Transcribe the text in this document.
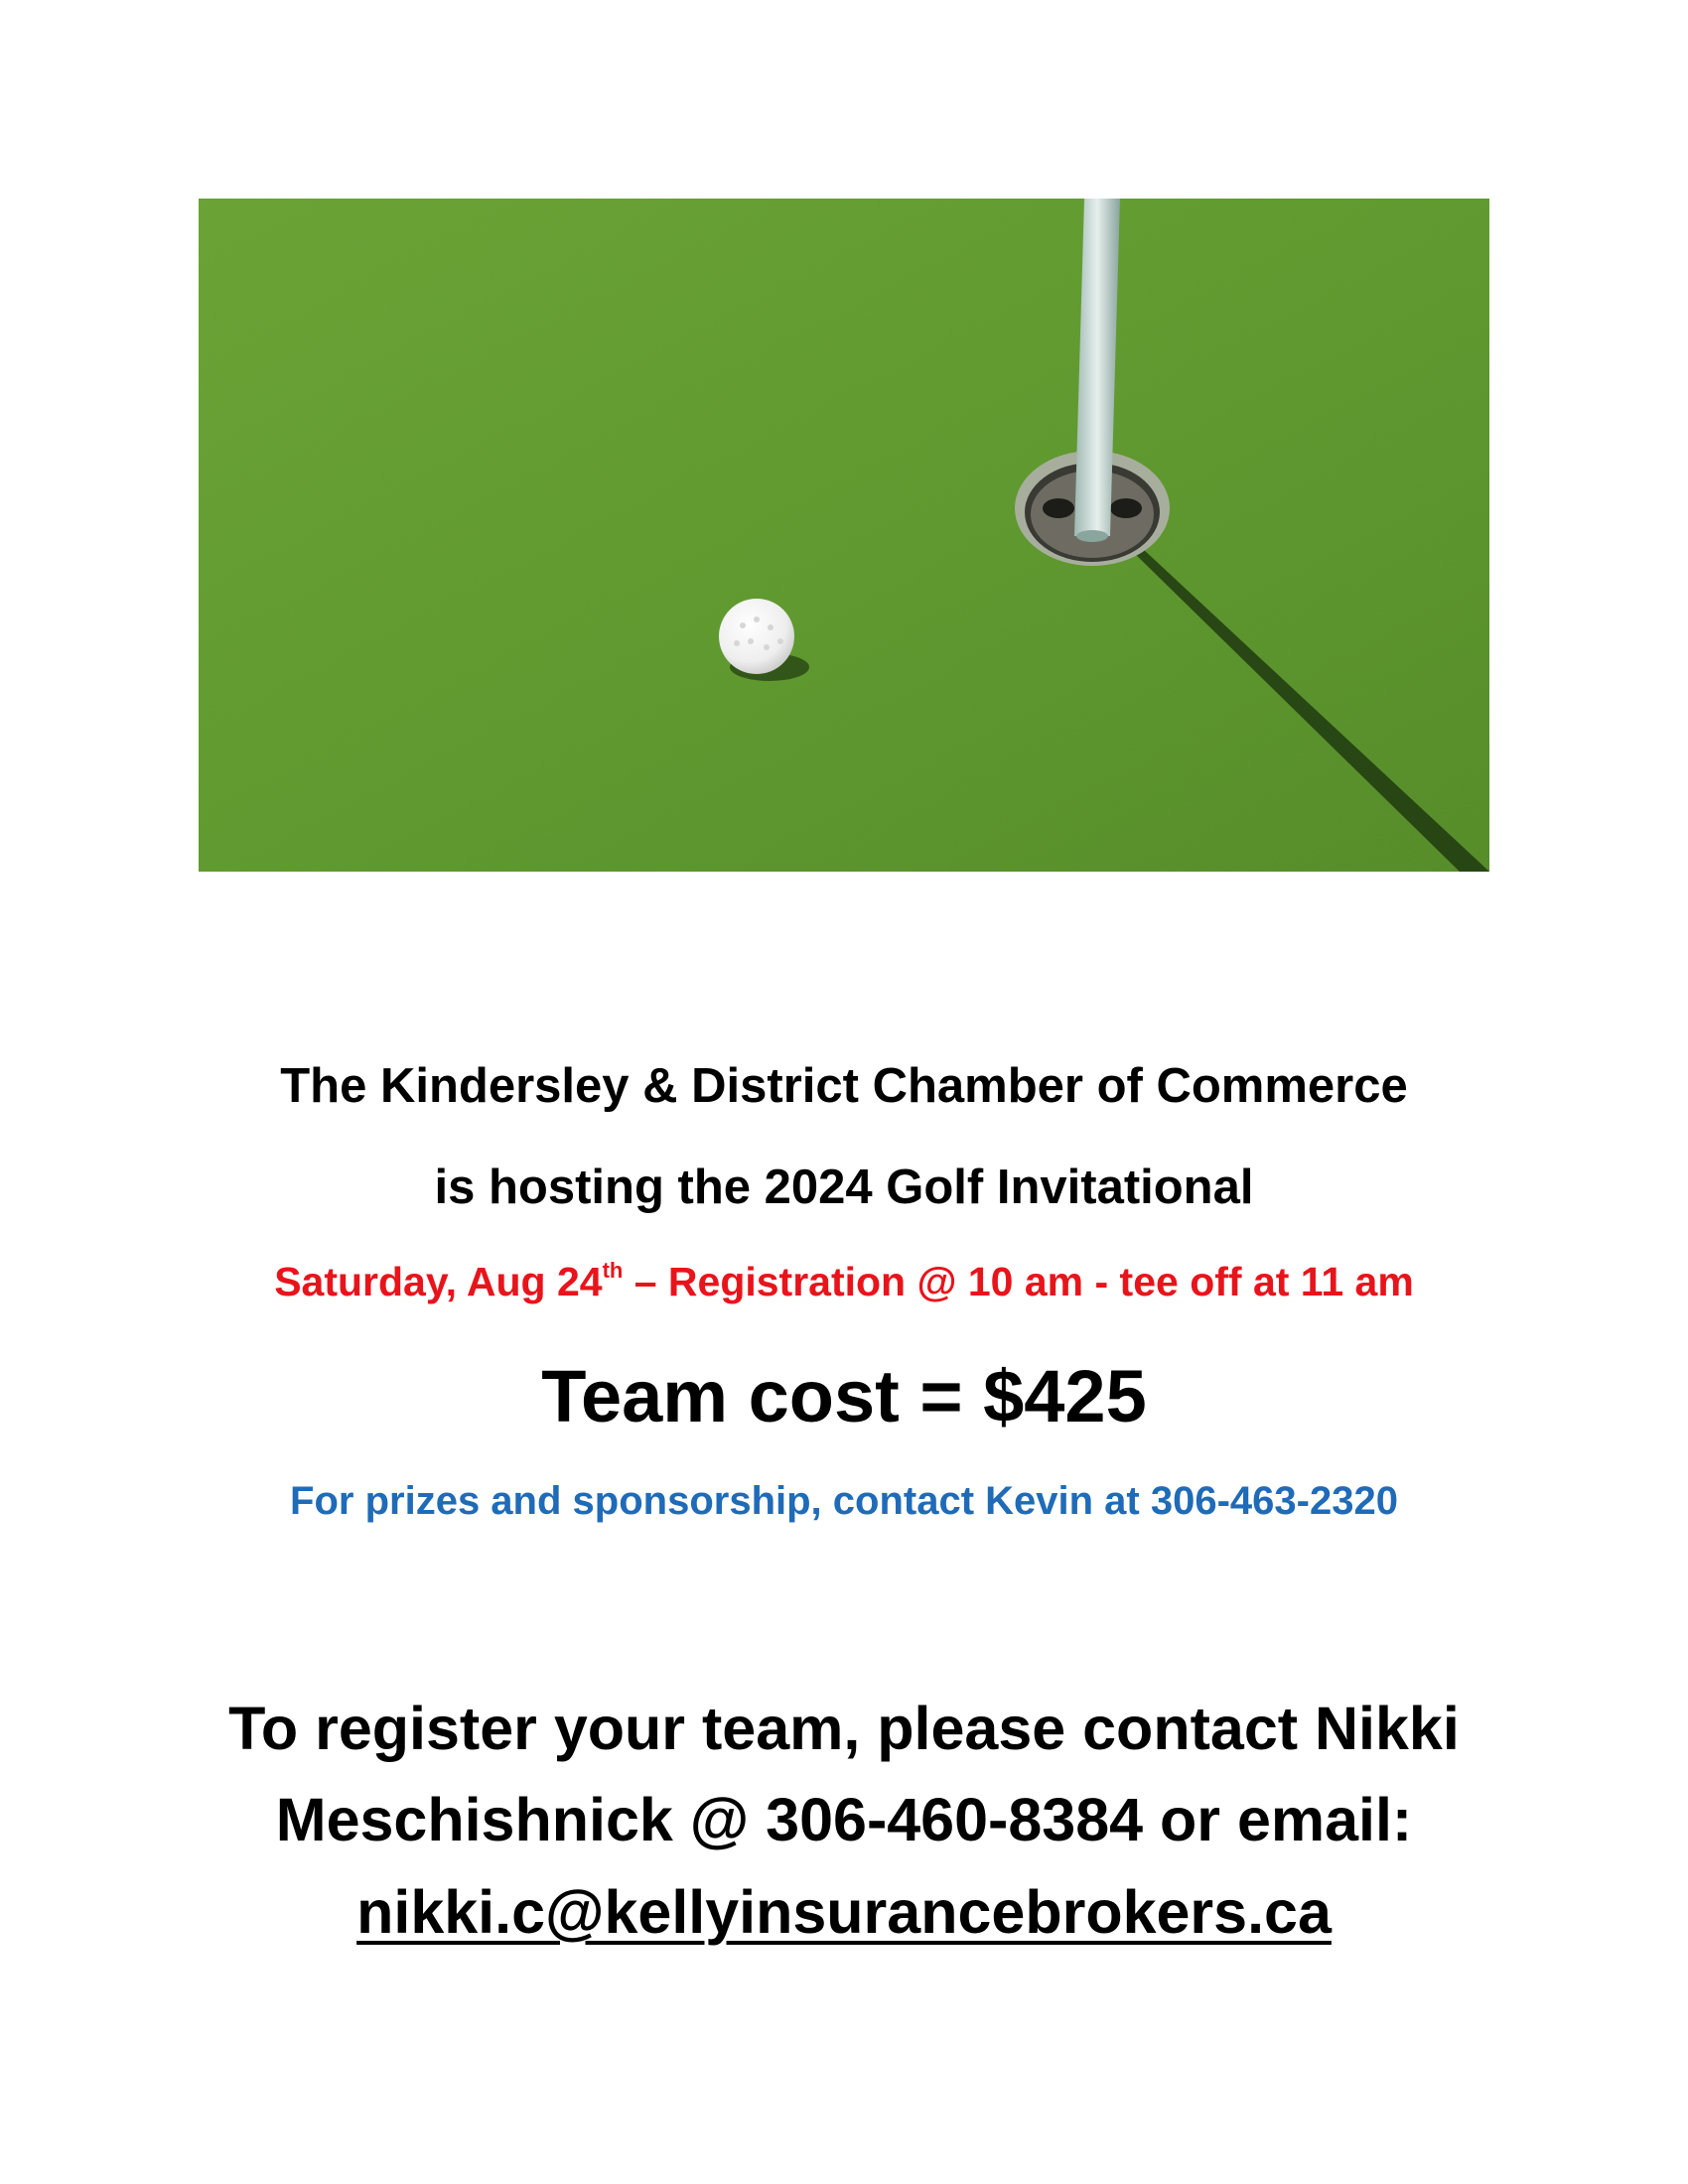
The Kindersley & District Chamber of Commerce
is hosting the 2024 Golf Invitational
Saturday, Aug 24th – Registration @ 10 am - tee off at 11 am
Team cost = $425
For prizes and sponsorship, contact Kevin at 306-463-2320
To register your team, please contact Nikki
Meschishnick @ 306-460-8384 or email:
nikki.c@kellyinsurancebrokers.ca
